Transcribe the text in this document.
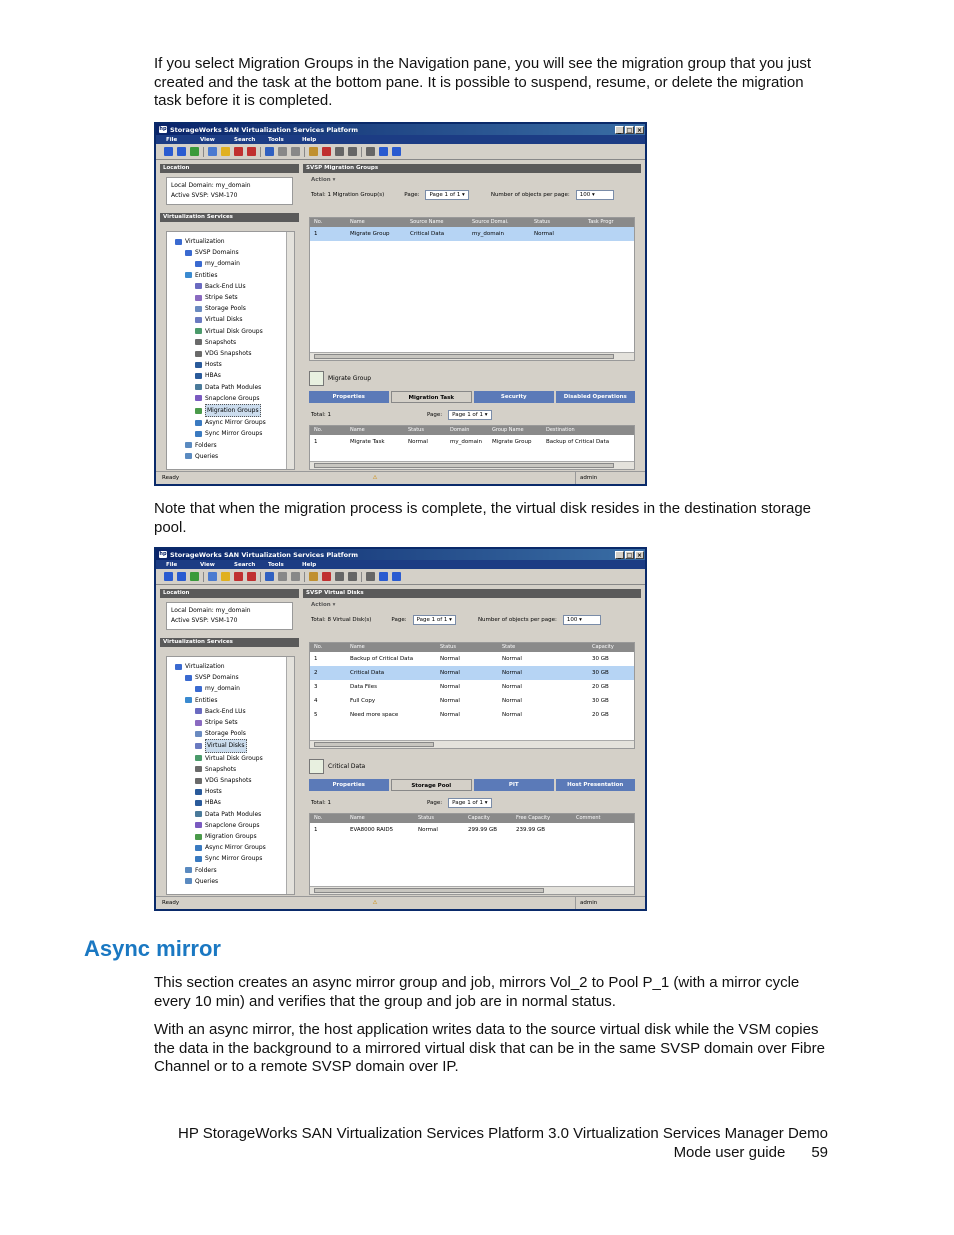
If you select Migration Groups in the Navigation pane, you will see the migration group that you just created and the task at the bottom pane. It is possible to suspend, resume, or delete the migration task before it is completed.

hp StorageWorks SAN Virtualization Services Platform	_ □ ×
File	View	Search	Tools	Help
Location
Local Domain: my_domain
Active SVSP: VSM-170
Virtualization Services
Virtualization
SVSP Domains
my_domain
Entities
Back-End LUs
Stripe Sets
Storage Pools
Virtual Disks
Virtual Disk Groups
Snapshots
VDG Snapshots
Hosts
HBAs
Data Path Modules
Snapclone Groups
Migration Groups
Async Mirror Groups
Sync Mirror Groups
Folders
Queries
SVSP Migration Groups
Action ▾
Total: 1 Migration Group(s)	Page:	Page 1 of 1 ▾	Number of objects per page:	100 ▾
No.	Name	Source Name	Source Domai.	Status	Task Progr
1	Migrate Group	Critical Data	my_domain	Normal
Migrate Group
Properties	Migration Task	Security	Disabled Operations
Total: 1	Page:	Page 1 of 1 ▾
No.	Name	Status	Domain	Group Name	Destination
1	Migrate Task	Normal	my_domain	Migrate Group	Backup of Critical Data
Ready	⚠	admin

Note that when the migration process is complete, the virtual disk resides in the destination storage pool.

hp StorageWorks SAN Virtualization Services Platform	_ □ ×
File	View	Search	Tools	Help
Location
Local Domain: my_domain
Active SVSP: VSM-170
Virtualization Services
Virtualization
SVSP Domains
my_domain
Entities
Back-End LUs
Stripe Sets
Storage Pools
Virtual Disks
Virtual Disk Groups
Snapshots
VDG Snapshots
Hosts
HBAs
Data Path Modules
Snapclone Groups
Migration Groups
Async Mirror Groups
Sync Mirror Groups
Folders
Queries
SVSP Virtual Disks
Action ▾
Total: 8 Virtual Disk(s)	Page:	Page 1 of 1 ▾	Number of objects per page:	100 ▾
No.	Name	Status	State	Capacity
1	Backup of Critical Data	Normal	Normal	30 GB
2	Critical Data	Normal	Normal	30 GB
3	Data Files	Normal	Normal	20 GB
4	Full Copy	Normal	Normal	30 GB
5	Need more space	Normal	Normal	20 GB
Critical Data
Properties	Storage Pool	PIT	Host Presentation
Total: 1	Page:	Page 1 of 1 ▾
No.	Name	Status	Capacity	Free Capacity	Comment
1	EVA8000 RAID5	Normal	299.99 GB	239.99 GB
Ready	⚠	admin
Async mirror

This section creates an async mirror group and job, mirrors Vol_2 to Pool P_1 (with a mirror cycle every 10 min) and verifies that the group and job are in normal status.

With an async mirror, the host application writes data to the source virtual disk while the VSM copies the data in the background to a mirrored virtual disk that can be in the same SVSP domain over Fibre Channel or to a remote SVSP domain over IP.

HP StorageWorks SAN Virtualization Services Platform 3.0 Virtualization Services Manager Demo
Mode user guide 59
